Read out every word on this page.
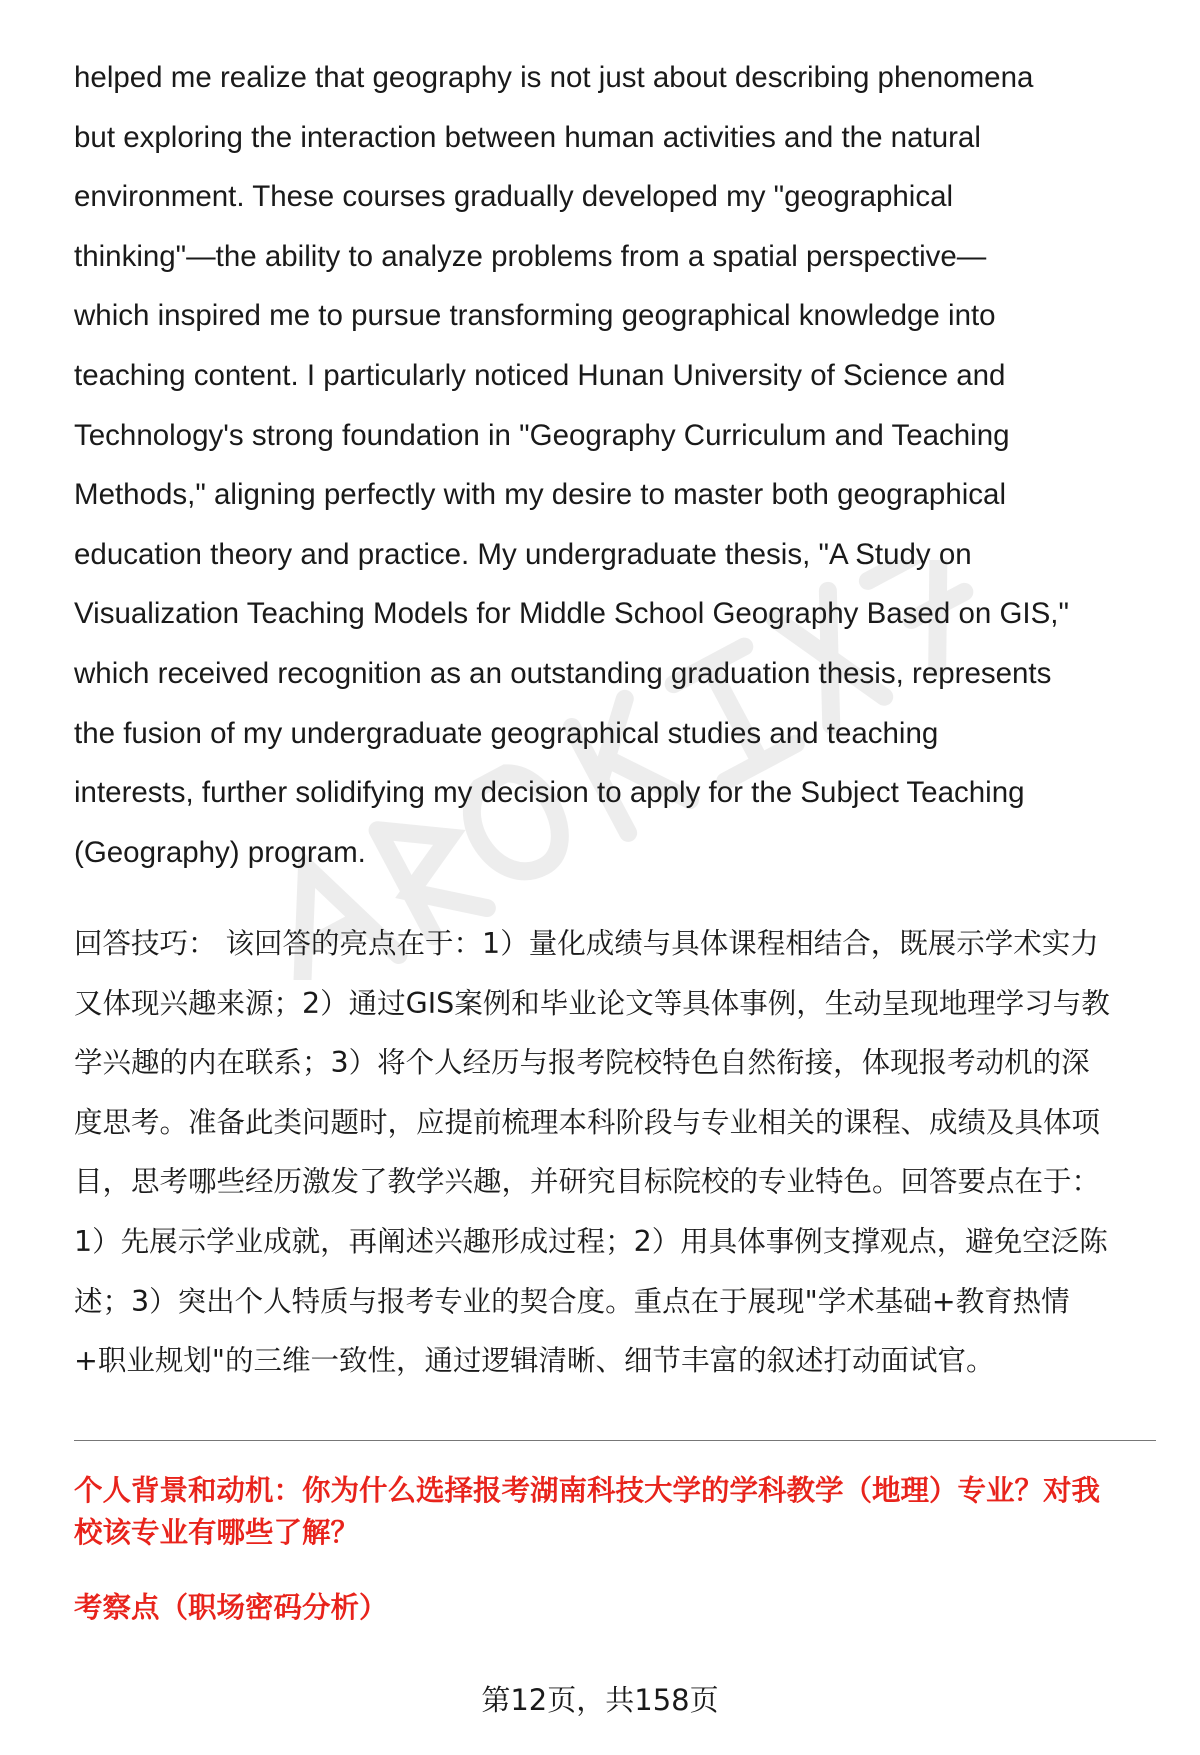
helped me realize that geography is not just about describing phenomena
but exploring the interaction between human activities and the natural
environment. These courses gradually developed my "geographical
thinking"—the ability to analyze problems from a spatial perspective—
which inspired me to pursue transforming geographical knowledge into
teaching content. I particularly noticed Hunan University of Science and
Technology's strong foundation in "Geography Curriculum and Teaching
Methods," aligning perfectly with my desire to master both geographical
education theory and practice. My undergraduate thesis, "A Study on
Visualization Teaching Models for Middle School Geography Based on GIS,"
which received recognition as an outstanding graduation thesis, represents
the fusion of my undergraduate geographical studies and teaching
interests, further solidifying my decision to apply for the Subject Teaching
(Geography) program.
回答技巧： 该回答的亮点在于：1）量化成绩与具体课程相结合，既展示学术实力
又体现兴趣来源；2）通过GIS案例和毕业论文等具体事例，生动呈现地理学习与教
学兴趣的内在联系；3）将个人经历与报考院校特色自然衔接，体现报考动机的深
度思考。准备此类问题时，应提前梳理本科阶段与专业相关的课程、成绩及具体项
目，思考哪些经历激发了教学兴趣，并研究目标院校的专业特色。回答要点在于：
1）先展示学业成就，再阐述兴趣形成过程；2）用具体事例支撑观点，避免空泛陈
述；3）突出个人特质与报考专业的契合度。重点在于展现"学术基础+教育热情
+职业规划"的三维一致性，通过逻辑清晰、细节丰富的叙述打动面试官。
个人背景和动机：你为什么选择报考湖南科技大学的学科教学（地理）专业？对我
校该专业有哪些了解？
考察点（职场密码分析）
第12页，共158页
